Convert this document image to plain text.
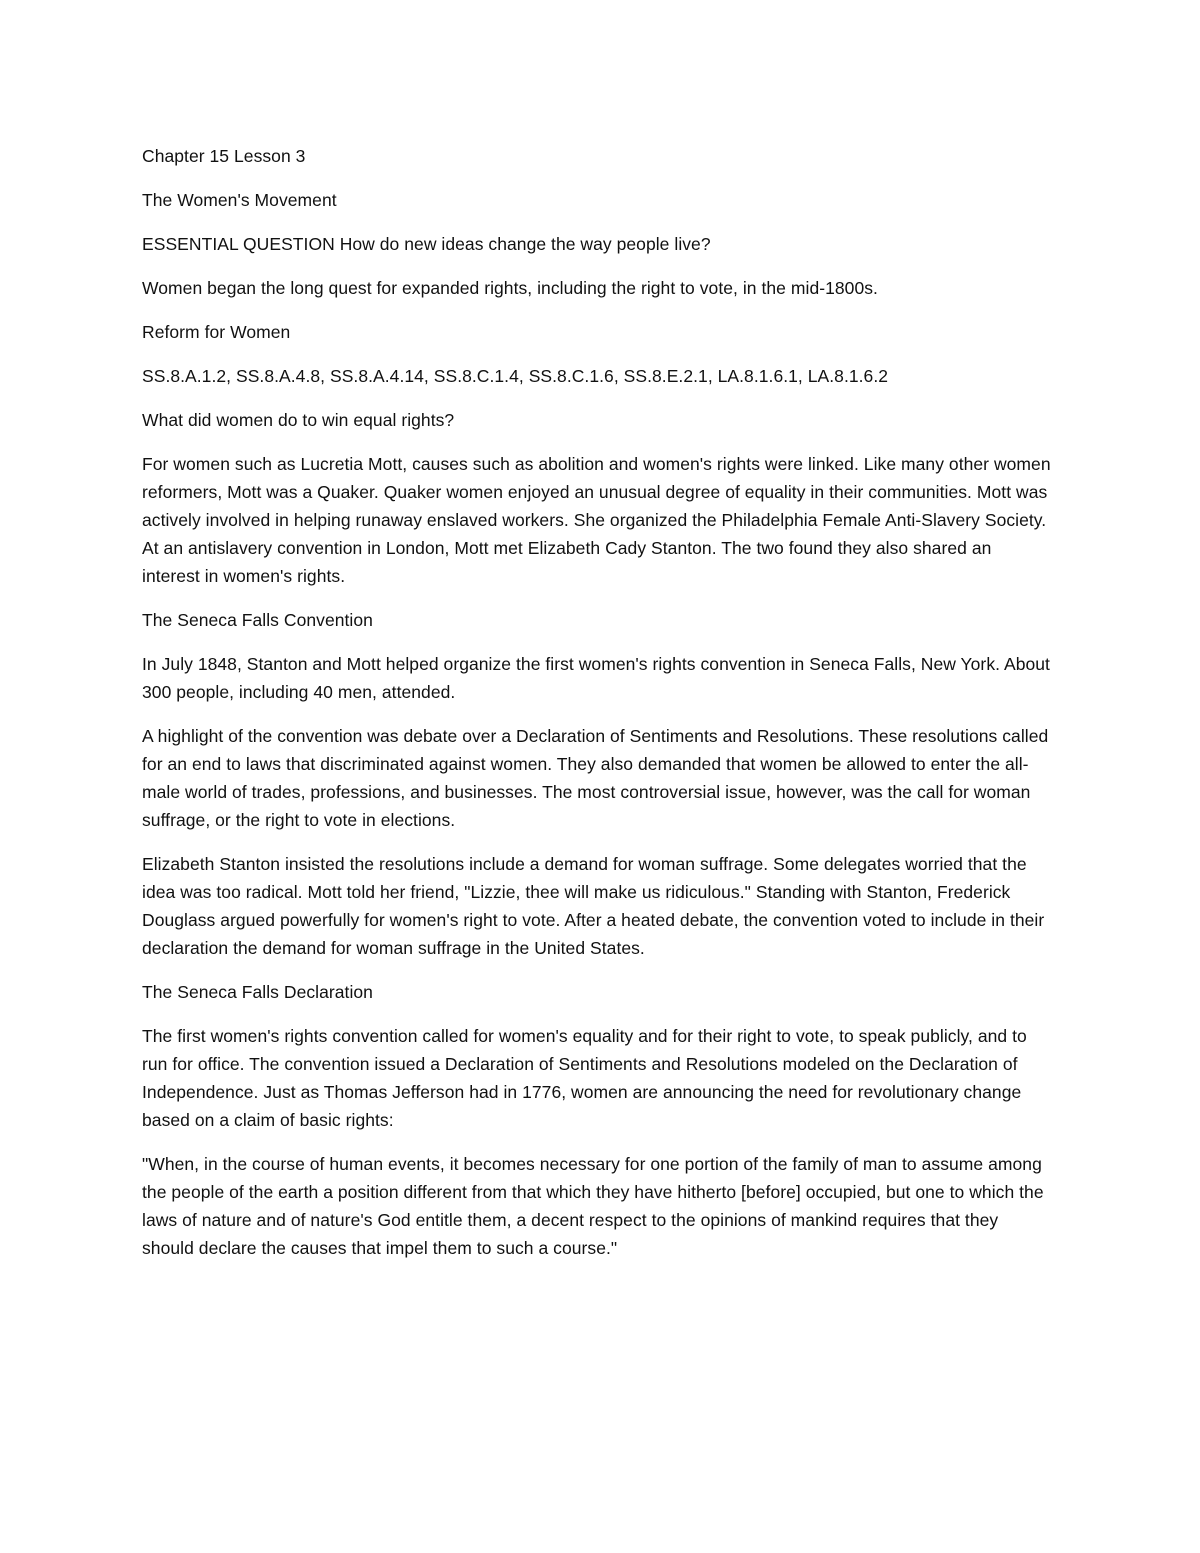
Chapter 15 Lesson 3

The Women's Movement

ESSENTIAL QUESTION How do new ideas change the way people live?

Women began the long quest for expanded rights, including the right to vote, in the mid-1800s.

Reform for Women

SS.8.A.1.2, SS.8.A.4.8, SS.8.A.4.14, SS.8.C.1.4, SS.8.C.1.6, SS.8.E.2.1, LA.8.1.6.1, LA.8.1.6.2

What did women do to win equal rights?

For women such as Lucretia Mott, causes such as abolition and women's rights were linked. Like many other women reformers, Mott was a Quaker. Quaker women enjoyed an unusual degree of equality in their communities. Mott was actively involved in helping runaway enslaved workers. She organized the Philadelphia Female Anti-Slavery Society. At an antislavery convention in London, Mott met Elizabeth Cady Stanton. The two found they also shared an interest in women's rights.

The Seneca Falls Convention

In July 1848, Stanton and Mott helped organize the first women's rights convention in Seneca Falls, New York. About 300 people, including 40 men, attended.

A highlight of the convention was debate over a Declaration of Sentiments and Resolutions. These resolutions called for an end to laws that discriminated against women. They also demanded that women be allowed to enter the all-male world of trades, professions, and businesses. The most controversial issue, however, was the call for woman suffrage, or the right to vote in elections.

Elizabeth Stanton insisted the resolutions include a demand for woman suffrage. Some delegates worried that the idea was too radical. Mott told her friend, "Lizzie, thee will make us ridiculous." Standing with Stanton, Frederick Douglass argued powerfully for women's right to vote. After a heated debate, the convention voted to include in their declaration the demand for woman suffrage in the United States.

The Seneca Falls Declaration

The first women's rights convention called for women's equality and for their right to vote, to speak publicly, and to run for office. The convention issued a Declaration of Sentiments and Resolutions modeled on the Declaration of Independence. Just as Thomas Jefferson had in 1776, women are announcing the need for revolutionary change based on a claim of basic rights:

"When, in the course of human events, it becomes necessary for one portion of the family of man to assume among the people of the earth a position different from that which they have hitherto [before] occupied, but one to which the laws of nature and of nature's God entitle them, a decent respect to the opinions of mankind requires that they should declare the causes that impel them to such a course."
